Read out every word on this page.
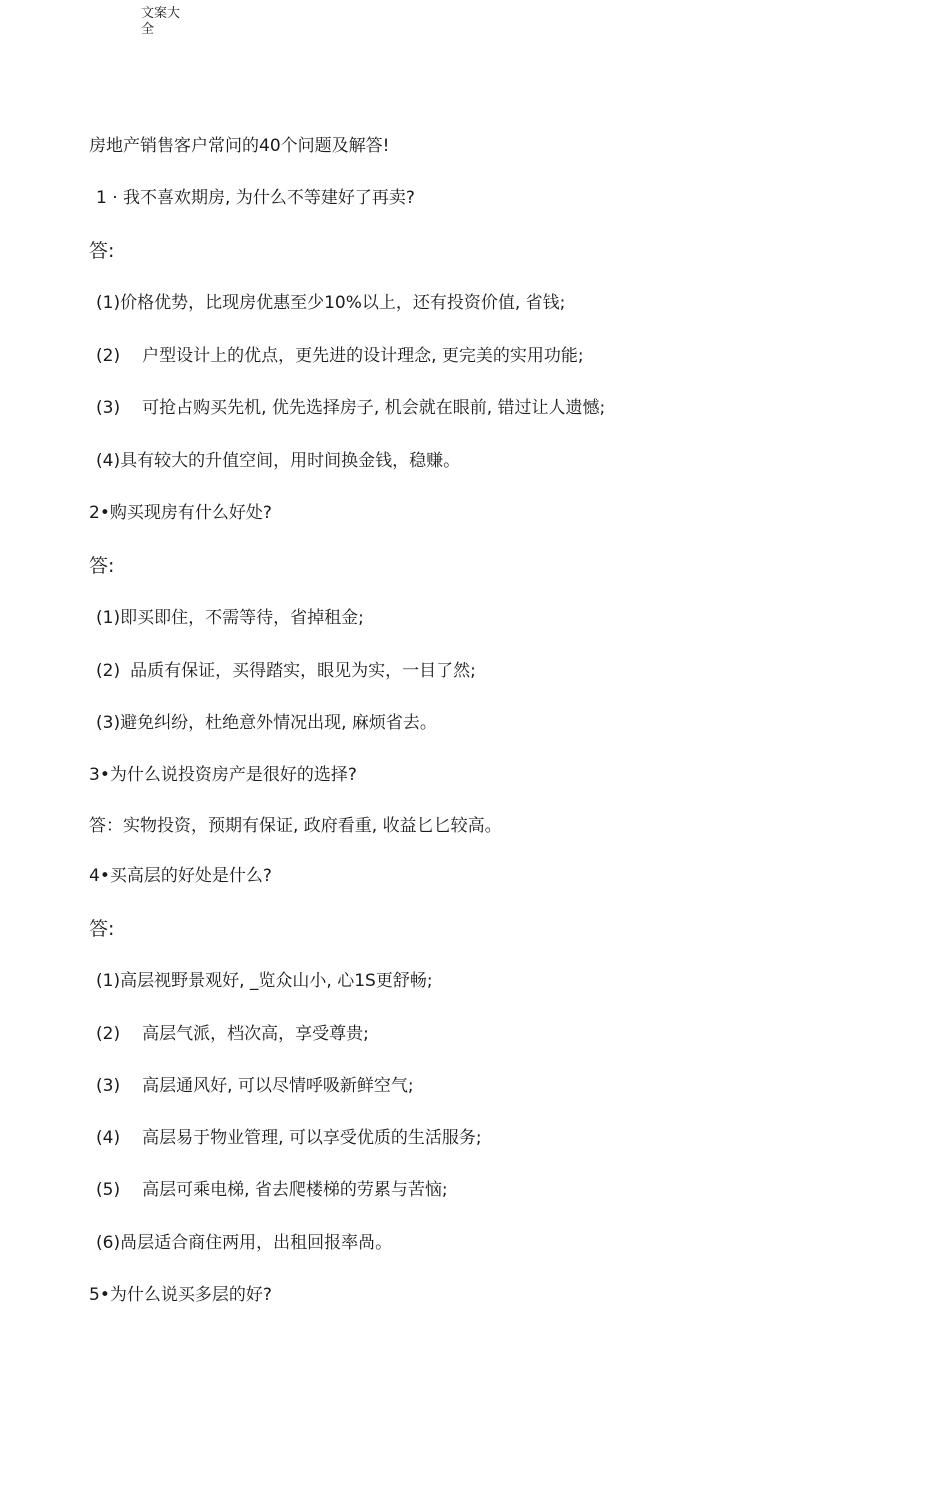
文案大全
房地产销售客户常问的40个问题及解答!
1 · 我不喜欢期房, 为什么不等建好了再卖?
答:
(1)价格优势，比现房优惠至少10%以上，还有投资价值, 省钱;
(2) 户型设计上的优点，更先进的设计理念, 更完美的实用功能;
(3) 可抢占购买先机, 优先选择房子, 机会就在眼前, 错过让人遗憾;
(4)具有较大的升值空间，用时间换金钱，稳赚。
2•购买现房有什么好处?
答:
(1)即买即住，不需等待，省掉租金;
(2) 品质有保证，买得踏实，眼见为实，一目了然;
(3)避免纠纷，杜绝意外情况出现, 麻烦省去。
3•为什么说投资房产是很好的选择?
答：实物投资，预期有保证, 政府看重, 收益匕匕较高。
4•买高层的好处是什么?
答:
(1)高层视野景观好, _览众山小, 心1S更舒畅;
(2) 高层气派，档次高，享受尊贵;
(3) 高层通风好, 可以尽情呼吸新鲜空气;
(4) 高层易于物业管理, 可以享受优质的生活服务;
(5) 高层可乘电梯, 省去爬楼梯的劳累与苦恼;
(6)咼层适合商住两用，出租回报率咼。
5•为什么说买多层的好?
